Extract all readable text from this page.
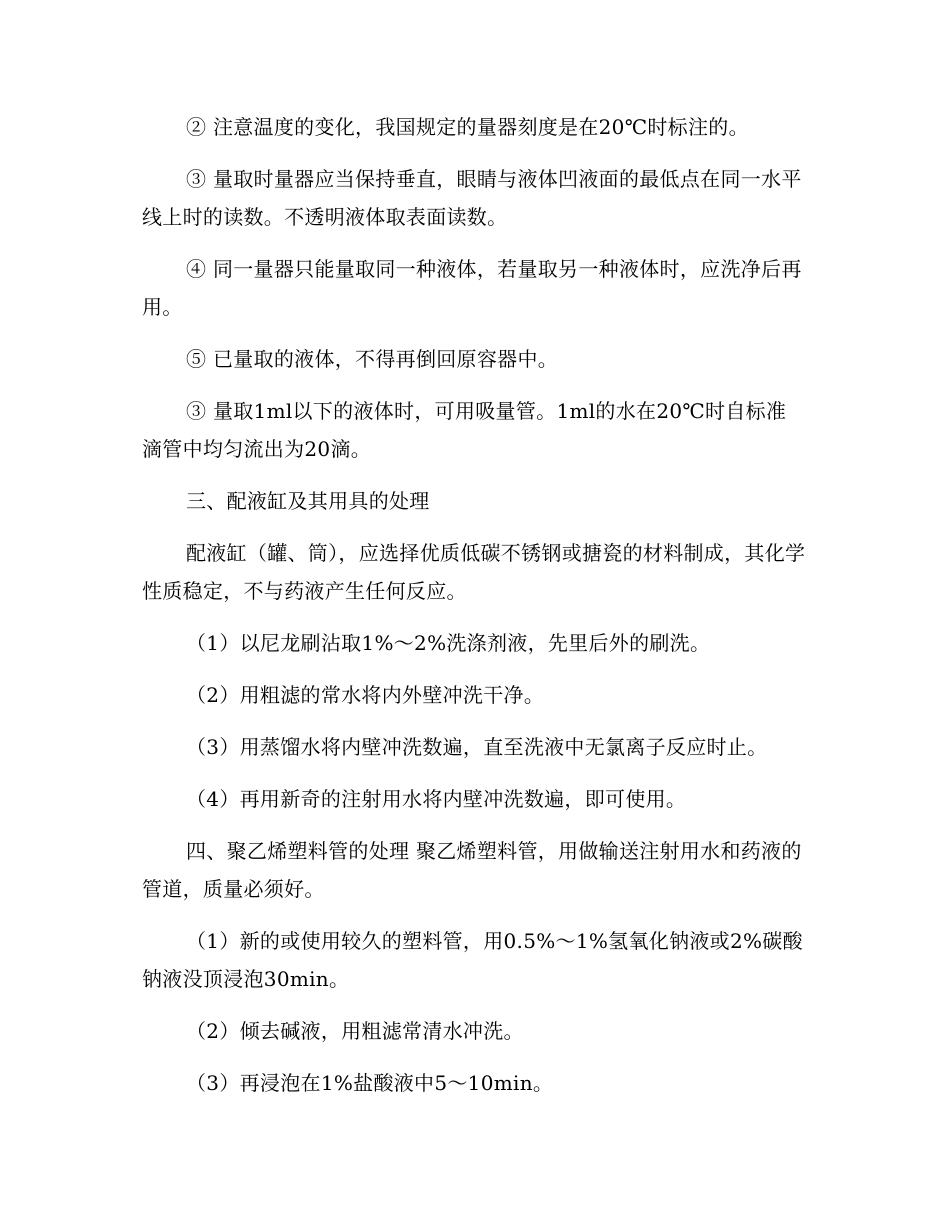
② 注意温度的变化，我国规定的量器刻度是在20℃时标注的。

③ 量取时量器应当保持垂直，眼睛与液体凹液面的最低点在同一水平线上时的读数。不透明液体取表面读数。

④ 同一量器只能量取同一种液体，若量取另一种液体时，应洗净后再用。

⑤ 已量取的液体，不得再倒回原容器中。

③ 量取1ml以下的液体时，可用吸量管。1ml的水在20℃时自标准滴管中均匀流出为20滴。

三、配液缸及其用具的处理

配液缸（罐、筒），应选择优质低碳不锈钢或搪瓷的材料制成，其化学性质稳定，不与药液产生任何反应。

（1）以尼龙刷沾取1%～2%洗涤剂液，先里后外的刷洗。

（2）用粗滤的常水将内外壁冲洗干净。

（3）用蒸馏水将内壁冲洗数遍，直至洗液中无氯离子反应时止。

（4）再用新奇的注射用水将内壁冲洗数遍，即可使用。

四、聚乙烯塑料管的处理 聚乙烯塑料管，用做输送注射用水和药液的管道，质量必须好。

（1）新的或使用较久的塑料管，用0.5%～1%氢氧化钠液或2%碳酸钠液没顶浸泡30min。

（2）倾去碱液，用粗滤常清水冲洗。

（3）再浸泡在1%盐酸液中5～10min。
